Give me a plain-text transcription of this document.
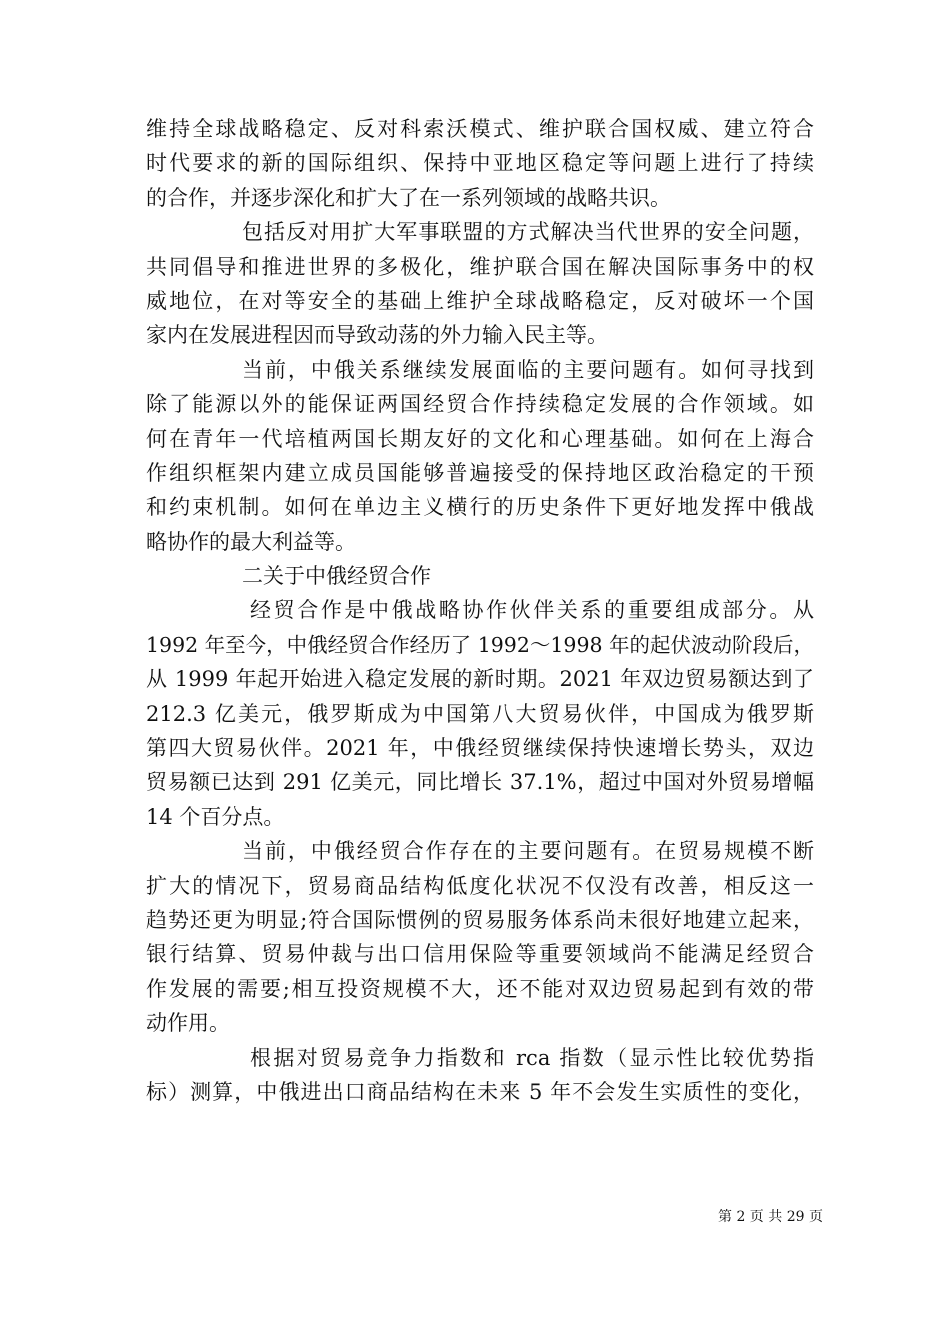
维持全球战略稳定、反对科索沃模式、维护联合国权威、建立符合
时代要求的新的国际组织、保持中亚地区稳定等问题上进行了持续
的合作，并逐步深化和扩大了在一系列领域的战略共识。
包括反对用扩大军事联盟的方式解决当代世界的安全问题，
共同倡导和推进世界的多极化，维护联合国在解决国际事务中的权
威地位，在对等安全的基础上维护全球战略稳定，反对破坏一个国
家内在发展进程因而导致动荡的外力输入民主等。
当前，中俄关系继续发展面临的主要问题有。如何寻找到
除了能源以外的能保证两国经贸合作持续稳定发展的合作领域。如
何在青年一代培植两国长期友好的文化和心理基础。如何在上海合
作组织框架内建立成员国能够普遍接受的保持地区政治稳定的干预
和约束机制。如何在单边主义横行的历史条件下更好地发挥中俄战
略协作的最大利益等。
二关于中俄经贸合作
经贸合作是中俄战略协作伙伴关系的重要组成部分。从
1992 年至今，中俄经贸合作经历了 1992～1998 年的起伏波动阶段后，
从 1999 年起开始进入稳定发展的新时期。2021 年双边贸易额达到了
212.3 亿美元，俄罗斯成为中国第八大贸易伙伴，中国成为俄罗斯
第四大贸易伙伴。2021 年，中俄经贸继续保持快速增长势头，双边
贸易额已达到 291 亿美元，同比增长 37.1%，超过中国对外贸易增幅
14 个百分点。
当前，中俄经贸合作存在的主要问题有。在贸易规模不断
扩大的情况下，贸易商品结构低度化状况不仅没有改善，相反这一
趋势还更为明显;符合国际惯例的贸易服务体系尚未很好地建立起来，
银行结算、贸易仲裁与出口信用保险等重要领域尚不能满足经贸合
作发展的需要;相互投资规模不大，还不能对双边贸易起到有效的带
动作用。
根据对贸易竞争力指数和 rca 指数（显示性比较优势指
标）测算，中俄进出口商品结构在未来 5 年不会发生实质性的变化，
第 2 页 共 29 页
